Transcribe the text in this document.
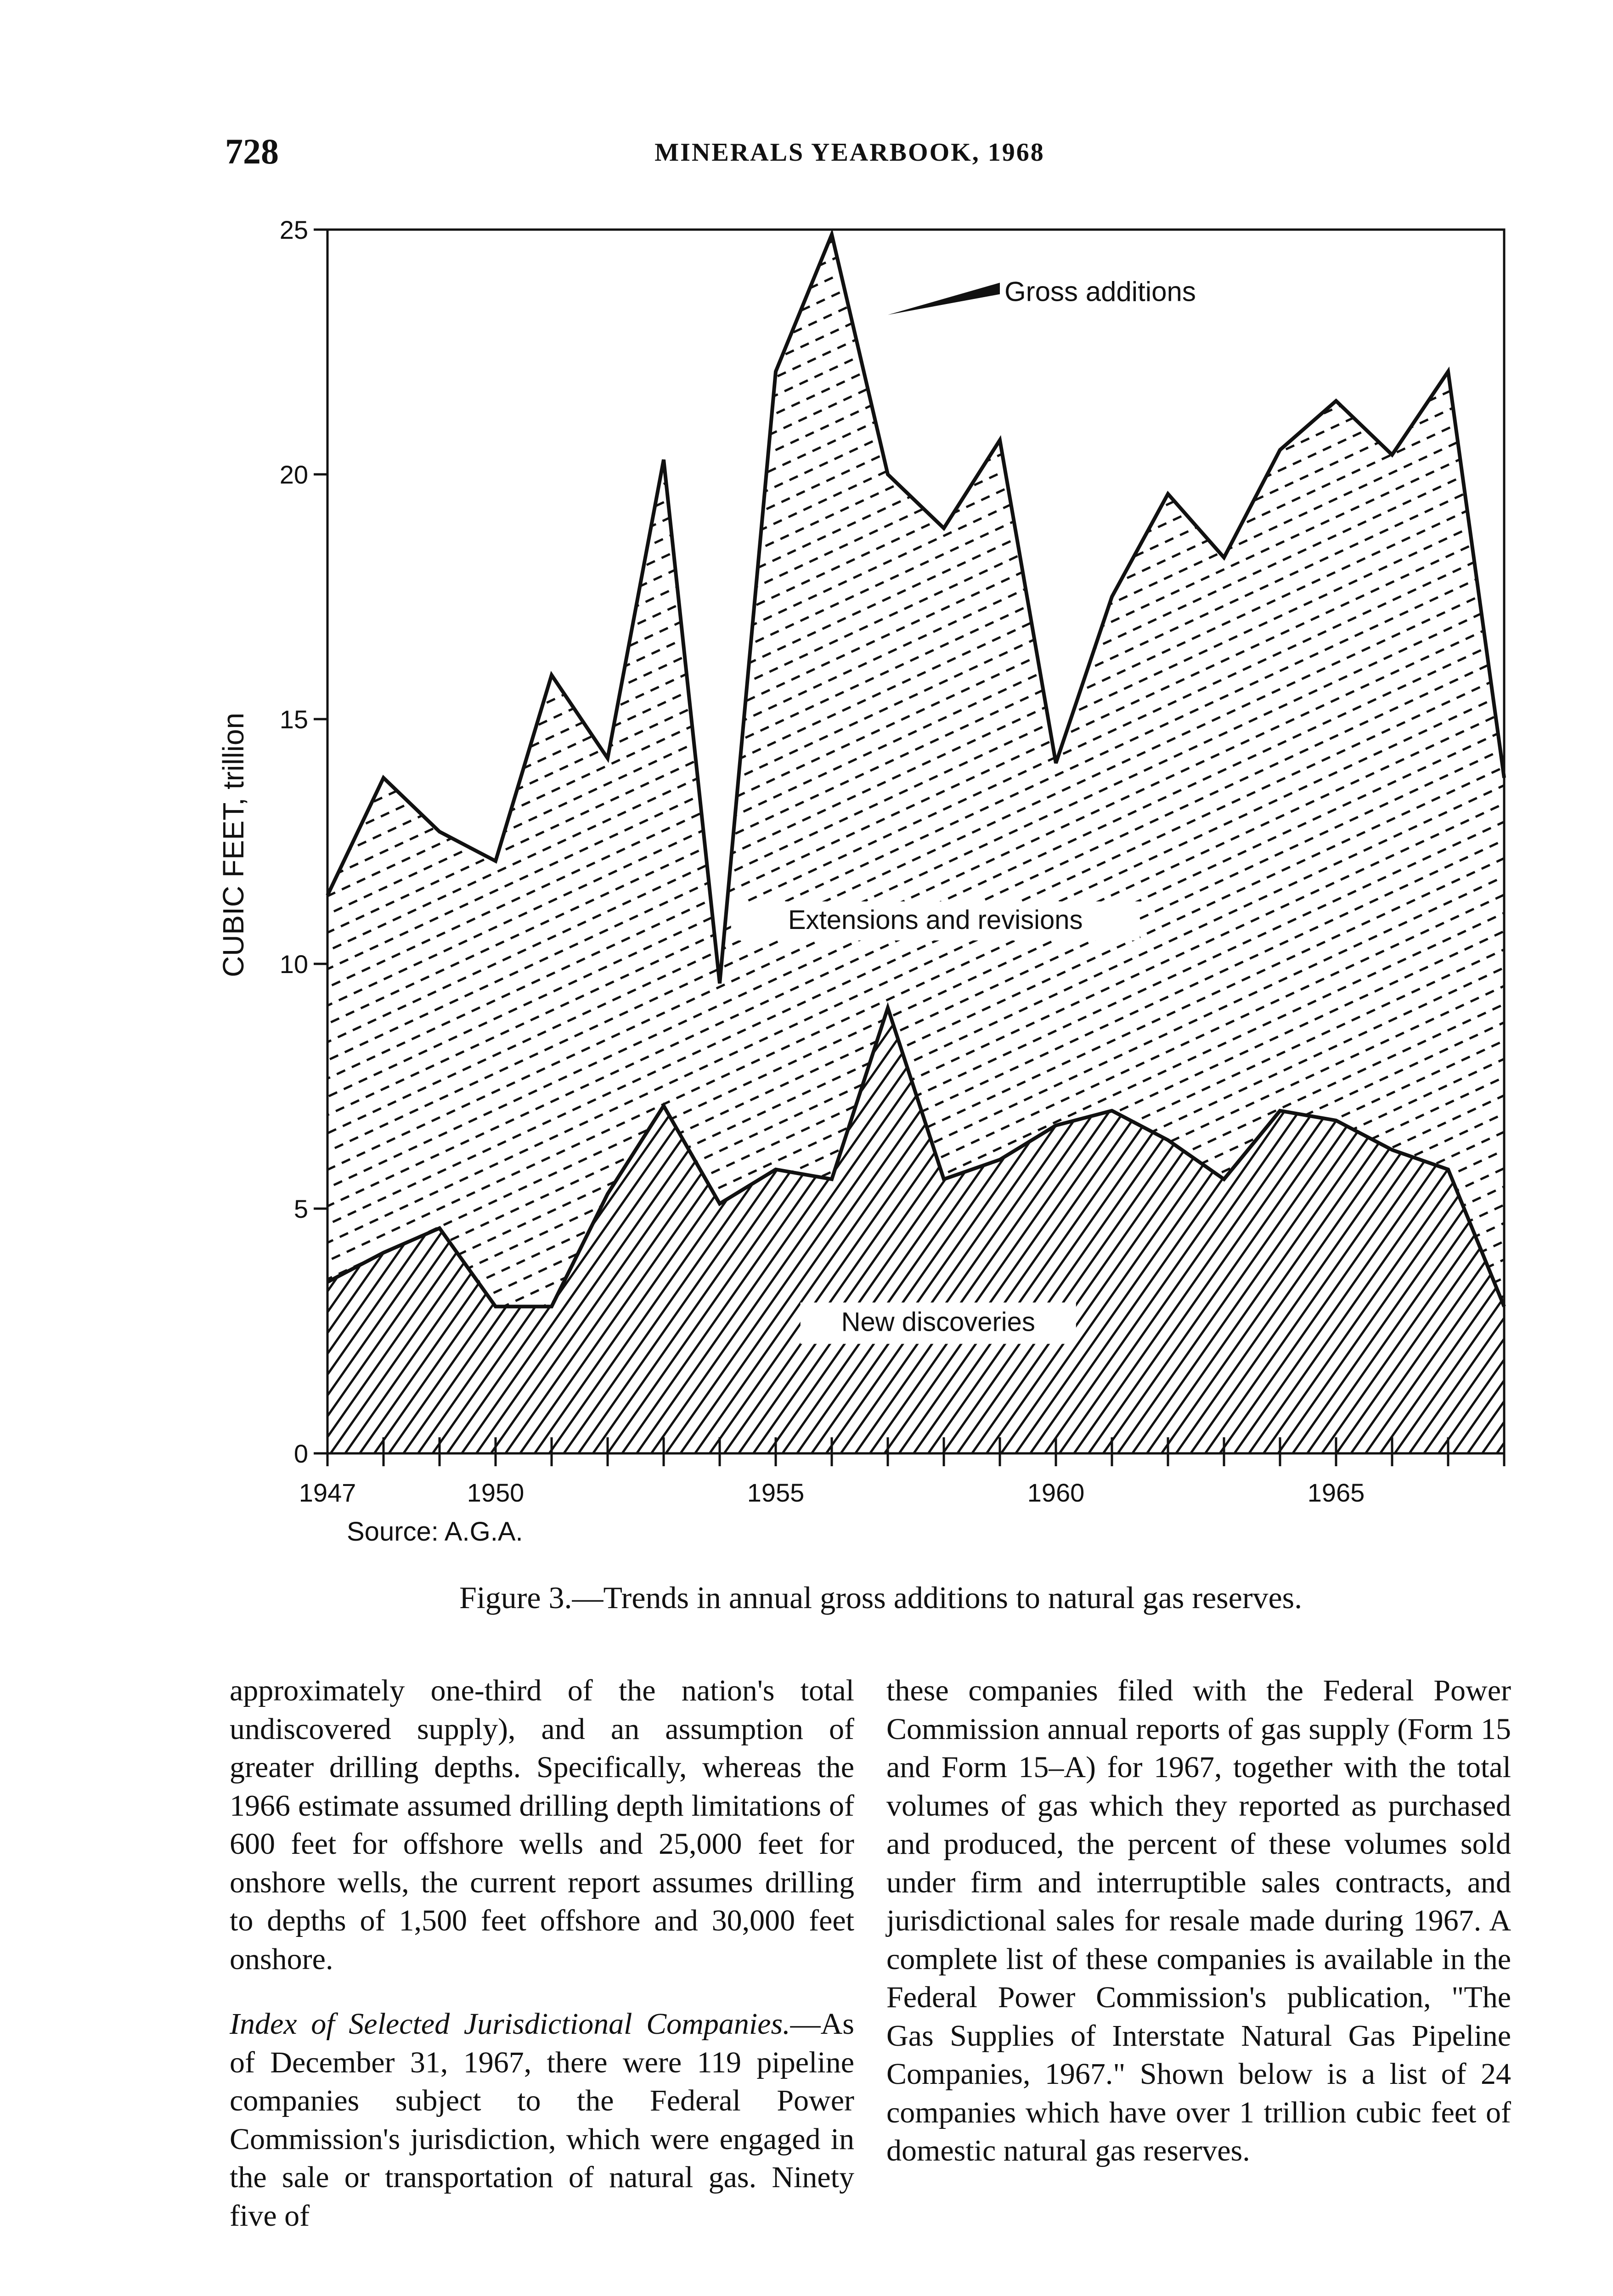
728	MINERALS YEARBOOK, 1968
0
5
10
15
20
25
1947	1950	1955	1960	1965
CUBIC FEET, trillion
Gross additions
Extensions and revisions
New discoveries
Source: A.G.A.
Figure 3.—Trends in annual gross additions to natural gas reserves.

approximately one-third of the nation's total undiscovered supply), and an assumption of greater drilling depths. Specifically, whereas the 1966 estimate assumed drilling depth limitations of 600 feet for offshore wells and 25,000 feet for onshore wells, the current report assumes drilling to depths of 1,500 feet offshore and 30,000 feet onshore.

Index of Selected Jurisdictional Companies.—As of December 31, 1967, there were 119 pipeline companies subject to the Federal Power Commission's jurisdiction, which were engaged in the sale or transportation of natural gas. Ninety five of

these companies filed with the Federal Power Commission annual reports of gas supply (Form 15 and Form 15–A) for 1967, together with the total volumes of gas which they reported as purchased and produced, the percent of these volumes sold under firm and interruptible sales contracts, and jurisdictional sales for resale made during 1967. A complete list of these companies is available in the Federal Power Commission's publication, "The Gas Supplies of Interstate Natural Gas Pipeline Companies, 1967." Shown below is a list of 24 companies which have over 1 trillion cubic feet of domestic natural gas reserves.
